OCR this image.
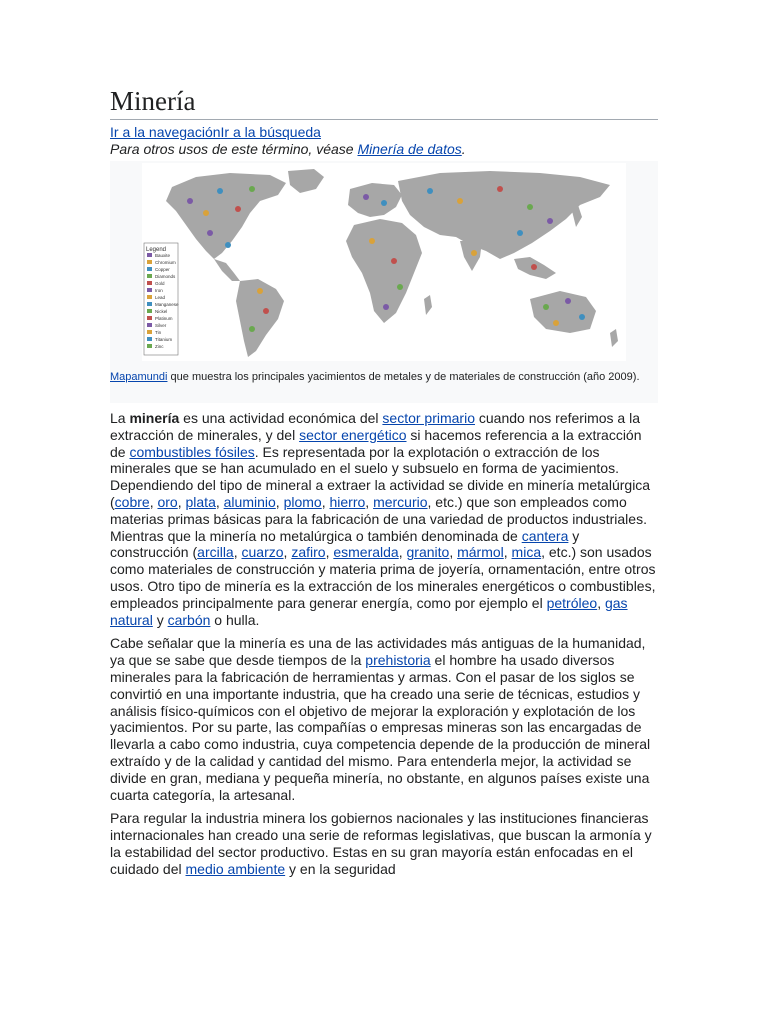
Minería
Ir a la navegaciónIr a la búsqueda
Para otros usos de este término, véase Minería de datos.
Legend
Bauxite
Chromium
Copper
Diamonds
Gold
Iron
Lead
Manganese
Nickel
Platinum
Silver
Tin
Titanium
Zinc
Mapamundi que muestra los principales yacimientos de metales y de materiales de construcción (año 2009).

La minería es una actividad económica del sector primario cuando nos referimos a la extracción de minerales, y del sector energético si hacemos referencia a la extracción de combustibles fósiles. Es representada por la explotación o extracción de los minerales que se han acumulado en el suelo y subsuelo en forma de yacimientos. Dependiendo del tipo de mineral a extraer la actividad se divide en minería metalúrgica (cobre, oro, plata, aluminio, plomo, hierro, mercurio, etc.) que son empleados como materias primas básicas para la fabricación de una variedad de productos industriales. Mientras que la minería no metalúrgica o también denominada de cantera y construcción (arcilla, cuarzo, zafiro, esmeralda, granito, mármol, mica, etc.) son usados como materiales de construcción y materia prima de joyería, ornamentación, entre otros usos. Otro tipo de minería es la extracción de los minerales energéticos o combustibles, empleados principalmente para generar energía, como por ejemplo el petróleo, gas natural y carbón o hulla.

Cabe señalar que la minería es una de las actividades más antiguas de la humanidad, ya que se sabe que desde tiempos de la prehistoria el hombre ha usado diversos minerales para la fabricación de herramientas y armas. Con el pasar de los siglos se convirtió en una importante industria, que ha creado una serie de técnicas, estudios y análisis físico-químicos con el objetivo de mejorar la exploración y explotación de los yacimientos. Por su parte, las compañías o empresas mineras son las encargadas de llevarla a cabo como industria, cuya competencia depende de la producción de mineral extraído y de la calidad y cantidad del mismo. Para entenderla mejor, la actividad se divide en gran, mediana y pequeña minería, no obstante, en algunos países existe una cuarta categoría, la artesanal.

Para regular la industria minera los gobiernos nacionales y las instituciones financieras internacionales han creado una serie de reformas legislativas, que buscan la armonía y la estabilidad del sector productivo. Estas en su gran mayoría están enfocadas en el cuidado del medio ambiente y en la seguridad
